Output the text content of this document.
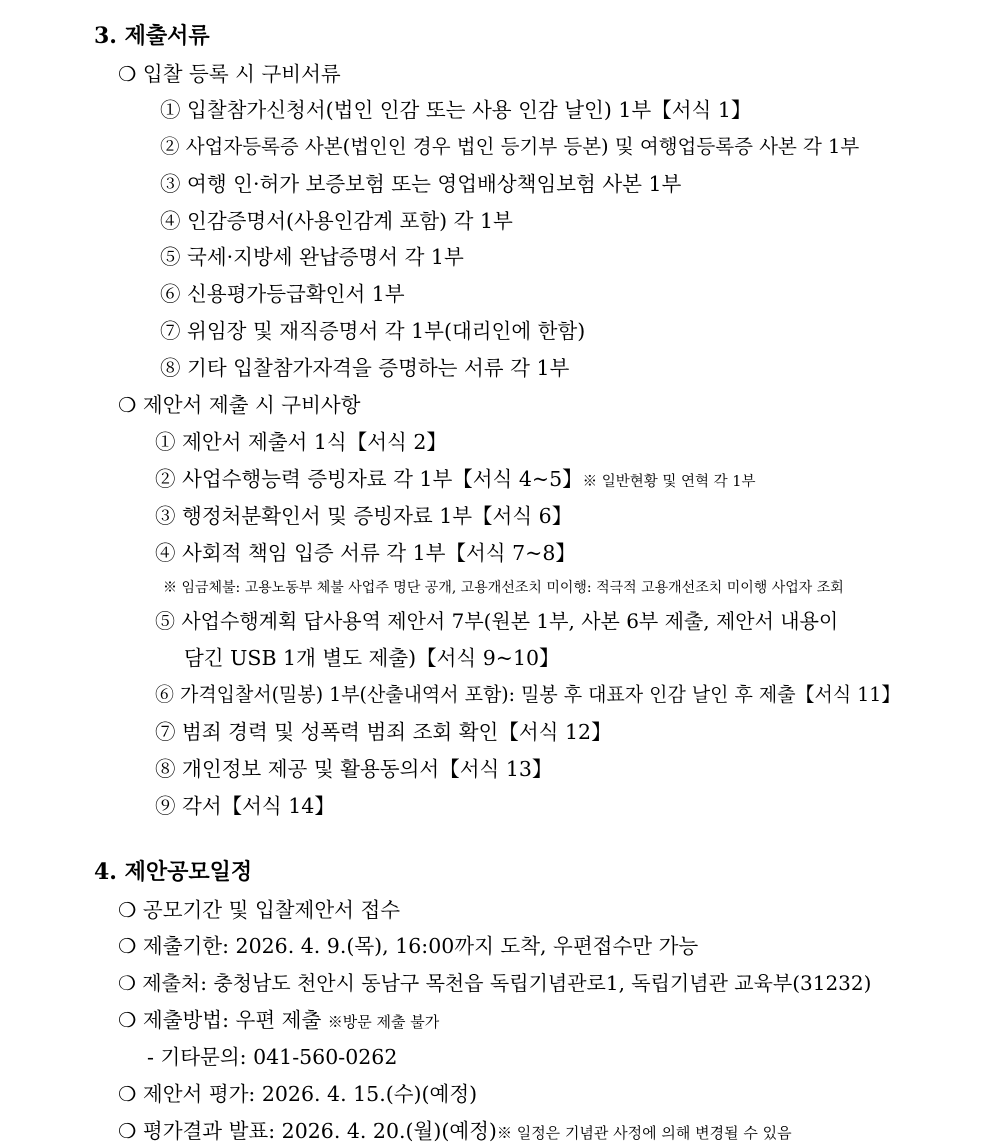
3. 제출서류
❍ 입찰 등록 시 구비서류
① 입찰참가신청서(법인 인감 또는 사용 인감 날인) 1부【서식 1】
② 사업자등록증 사본(법인인 경우 법인 등기부 등본) 및 여행업등록증 사본 각 1부
③ 여행 인·허가 보증보험 또는 영업배상책임보험 사본 1부
④ 인감증명서(사용인감계 포함) 각 1부
⑤ 국세·지방세 완납증명서 각 1부
⑥ 신용평가등급확인서 1부
⑦ 위임장 및 재직증명서 각 1부(대리인에 한함)
⑧ 기타 입찰참가자격을 증명하는 서류 각 1부
❍ 제안서 제출 시 구비사항
① 제안서 제출서 1식【서식 2】
② 사업수행능력 증빙자료 각 1부【서식 4~5】※ 일반현황 및 연혁 각 1부
③ 행정처분확인서 및 증빙자료 1부【서식 6】
④ 사회적 책임 입증 서류 각 1부【서식 7~8】
※ 임금체불: 고용노동부 체불 사업주 명단 공개, 고용개선조치 미이행: 적극적 고용개선조치 미이행 사업자 조회
⑤ 사업수행계획 답사용역 제안서 7부(원본 1부, 사본 6부 제출, 제안서 내용이
담긴 USB 1개 별도 제출)【서식 9~10】
⑥ 가격입찰서(밀봉) 1부(산출내역서 포함): 밀봉 후 대표자 인감 날인 후 제출【서식 11】
⑦ 범죄 경력 및 성폭력 범죄 조회 확인【서식 12】
⑧ 개인정보 제공 및 활용동의서【서식 13】
⑨ 각서【서식 14】
4. 제안공모일정
❍ 공모기간 및 입찰제안서 접수
❍ 제출기한: 2026. 4. 9.(목), 16:00까지 도착, 우편접수만 가능
❍ 제출처: 충청남도 천안시 동남구 목천읍 독립기념관로1, 독립기념관 교육부(31232)
❍ 제출방법: 우편 제출 ※방문 제출 불가
- 기타문의: 041-560-0262
❍ 제안서 평가: 2026. 4. 15.(수)(예정)
❍ 평가결과 발표: 2026. 4. 20.(월)(예정)※ 일정은 기념관 사정에 의해 변경될 수 있음
